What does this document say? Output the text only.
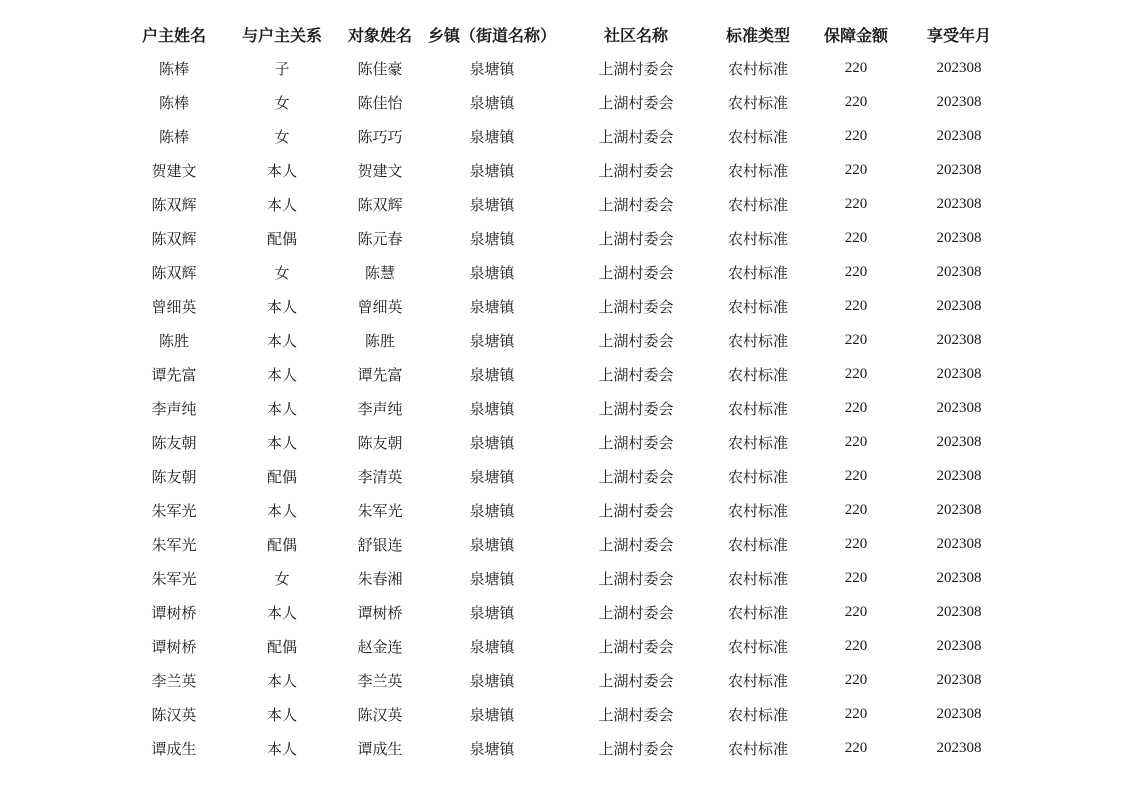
户主姓名	与户主关系	对象姓名	乡镇（街道名称）	社区名称	标准类型	保障金额	享受年月
陈棒	子	陈佳豪	泉塘镇	上湖村委会	农村标准	220	202308
陈棒	女	陈佳怡	泉塘镇	上湖村委会	农村标准	220	202308
陈棒	女	陈巧巧	泉塘镇	上湖村委会	农村标准	220	202308
贺建文	本人	贺建文	泉塘镇	上湖村委会	农村标准	220	202308
陈双辉	本人	陈双辉	泉塘镇	上湖村委会	农村标准	220	202308
陈双辉	配偶	陈元春	泉塘镇	上湖村委会	农村标准	220	202308
陈双辉	女	陈慧	泉塘镇	上湖村委会	农村标准	220	202308
曾细英	本人	曾细英	泉塘镇	上湖村委会	农村标准	220	202308
陈胜	本人	陈胜	泉塘镇	上湖村委会	农村标准	220	202308
谭先富	本人	谭先富	泉塘镇	上湖村委会	农村标准	220	202308
李声纯	本人	李声纯	泉塘镇	上湖村委会	农村标准	220	202308
陈友朝	本人	陈友朝	泉塘镇	上湖村委会	农村标准	220	202308
陈友朝	配偶	李清英	泉塘镇	上湖村委会	农村标准	220	202308
朱军光	本人	朱军光	泉塘镇	上湖村委会	农村标准	220	202308
朱军光	配偶	舒银连	泉塘镇	上湖村委会	农村标准	220	202308
朱军光	女	朱春湘	泉塘镇	上湖村委会	农村标准	220	202308
谭树桥	本人	谭树桥	泉塘镇	上湖村委会	农村标准	220	202308
谭树桥	配偶	赵金连	泉塘镇	上湖村委会	农村标准	220	202308
李兰英	本人	李兰英	泉塘镇	上湖村委会	农村标准	220	202308
陈汉英	本人	陈汉英	泉塘镇	上湖村委会	农村标准	220	202308
谭成生	本人	谭成生	泉塘镇	上湖村委会	农村标准	220	202308
